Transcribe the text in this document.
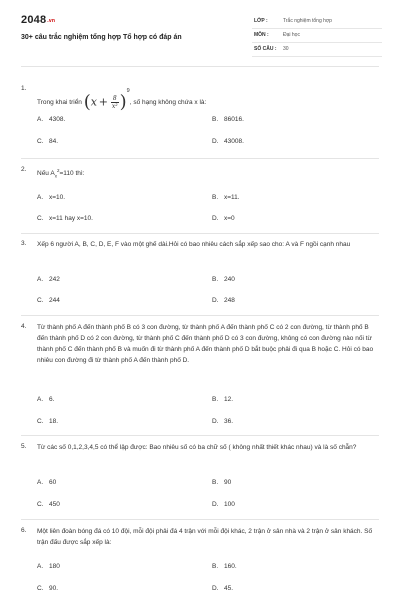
2048.vn
30+ câu trắc nghiệm tổng hợp Tổ hợp có đáp án
LỚP :	Trắc nghiệm tổng hợp
MÔN :	Đại học
SỐ CÂU : 30
1.
Trong khai triển $(x + \frac{8}{\text{x²}} )^9$, số hạng không chứa x là:
A. 4308.	B. 86016.
C. 84.	D. 43008.
2.
Nếu $A_x^2=110$ thì:
A. x=10.	B. x=11.
C. x=11 hay x=10.	D. x=0
3. Xếp 6 người A, B, C, D, E, F vào một ghế dài.Hỏi có bao nhiêu cách sắp xếp sao cho: A và F ngồi cạnh nhau
A. 242	B. 240
C. 244	D. 248
4. Từ thành phố A đến thành phố B có 3 con đường, từ thành phố A đến thành phố C có 2 con đường, từ thành phố B đến thành phố D có 2 con đường, từ thành phố C đến thành phố D có 3 con đường, không có con đường nào nối từ thành phố C đến thành phố B và muốn đi từ thành phố A đến thành phố D bắt buộc phải đi qua B hoặc C. Hỏi có bao nhiêu con đường đi từ thành phố A đến thành phố D.
A. 6.	B. 12.
C. 18.	D. 36.
5. Từ các số 0,1,2,3,4,5 có thể lập được: Bao nhiêu số có ba chữ số ( không nhất thiết khác nhau) và là số chẵn?
A. 60	B. 90
C. 450	D. 100
6. Một liên đoàn bóng đá có 10 đội, mỗi đội phải đá 4 trận với mỗi đội khác, 2 trận ở sân nhà và 2 trận ở sân khách. Số trận đấu được sắp xếp là:
A. 180	B. 160.
C. 90.	D. 45.
